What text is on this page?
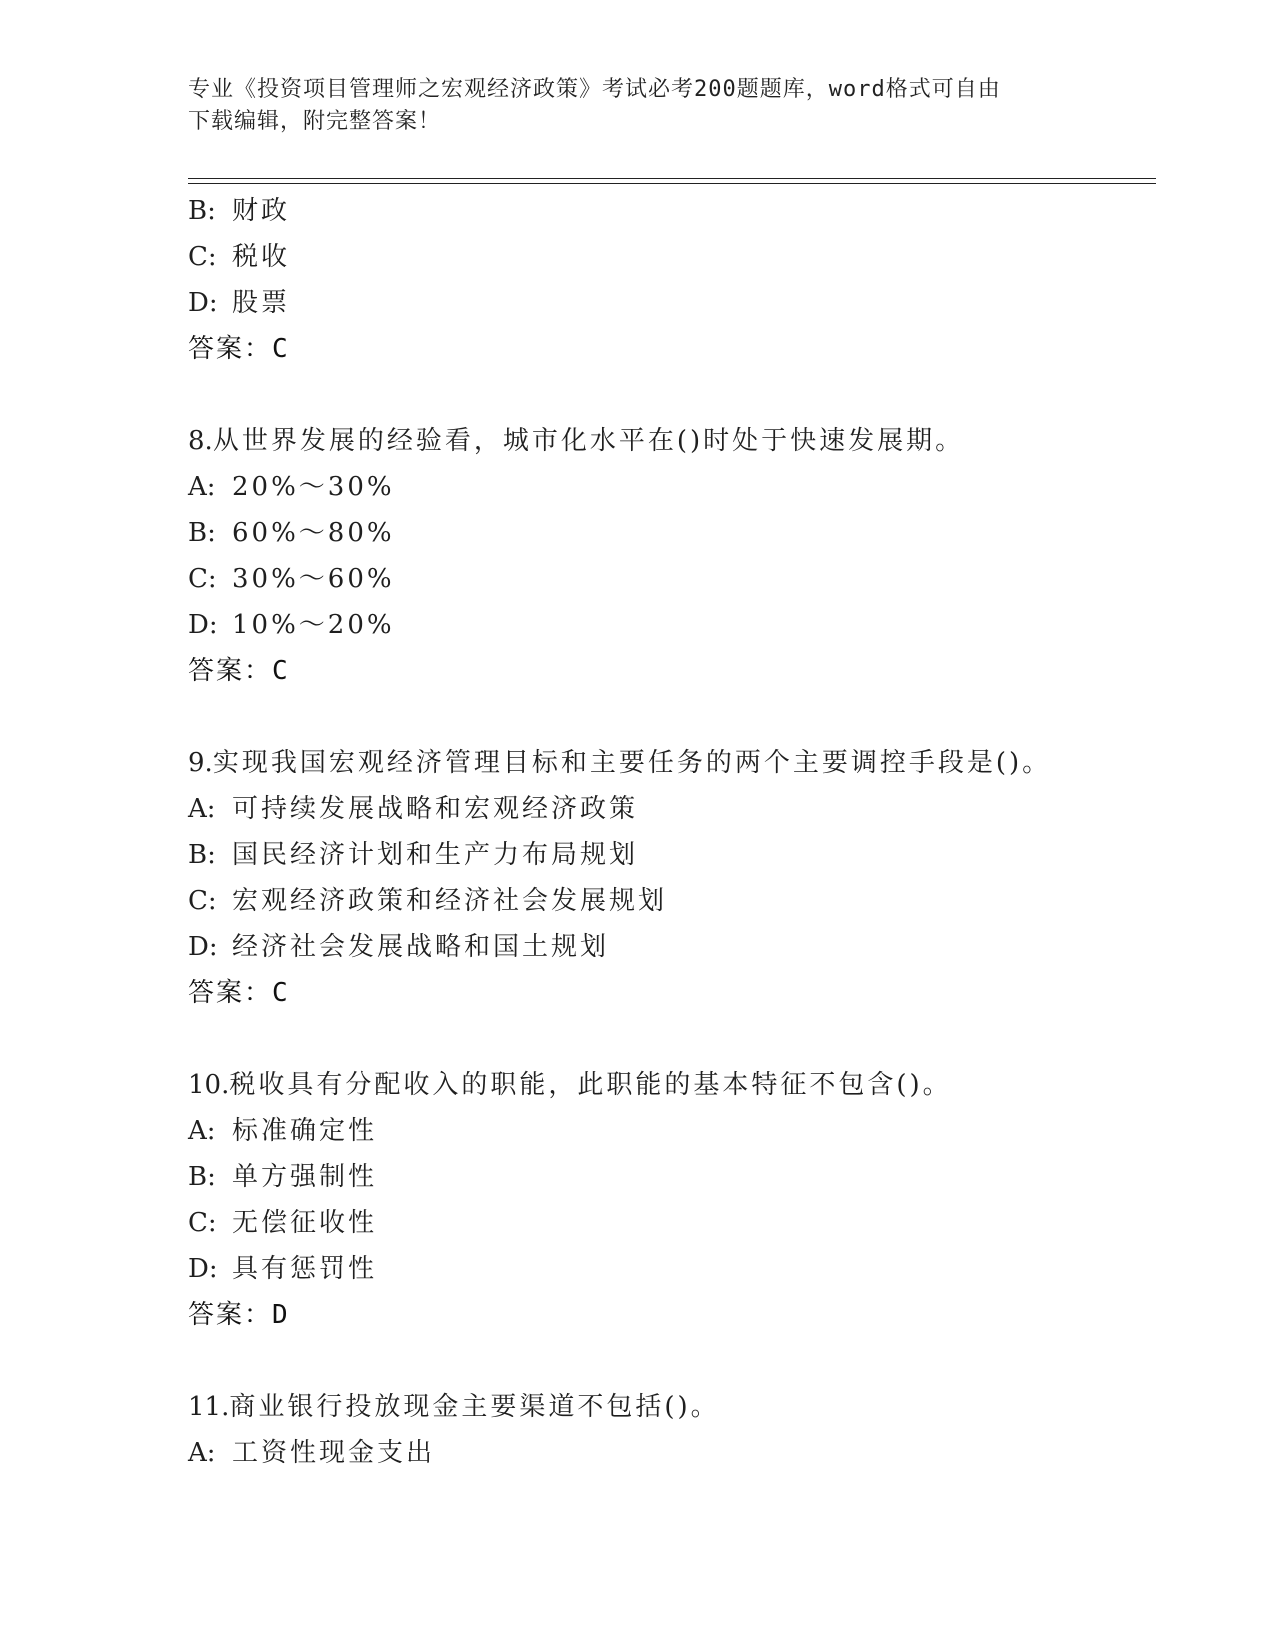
专业《投资项目管理师之宏观经济政策》考试必考200题题库，word格式可自由
下载编辑，附完整答案！
B: 财政
C: 税收
D: 股票
答案：C
8.从世界发展的经验看，城市化水平在()时处于快速发展期。
A: 20%～30%
B: 60%～80%
C: 30%～60%
D: 10%～20%
答案：C
9.实现我国宏观经济管理目标和主要任务的两个主要调控手段是()。
A: 可持续发展战略和宏观经济政策
B: 国民经济计划和生产力布局规划
C: 宏观经济政策和经济社会发展规划
D: 经济社会发展战略和国土规划
答案：C
10.税收具有分配收入的职能，此职能的基本特征不包含()。
A: 标准确定性
B: 单方强制性
C: 无偿征收性
D: 具有惩罚性
答案：D
11.商业银行投放现金主要渠道不包括()。
A: 工资性现金支出
